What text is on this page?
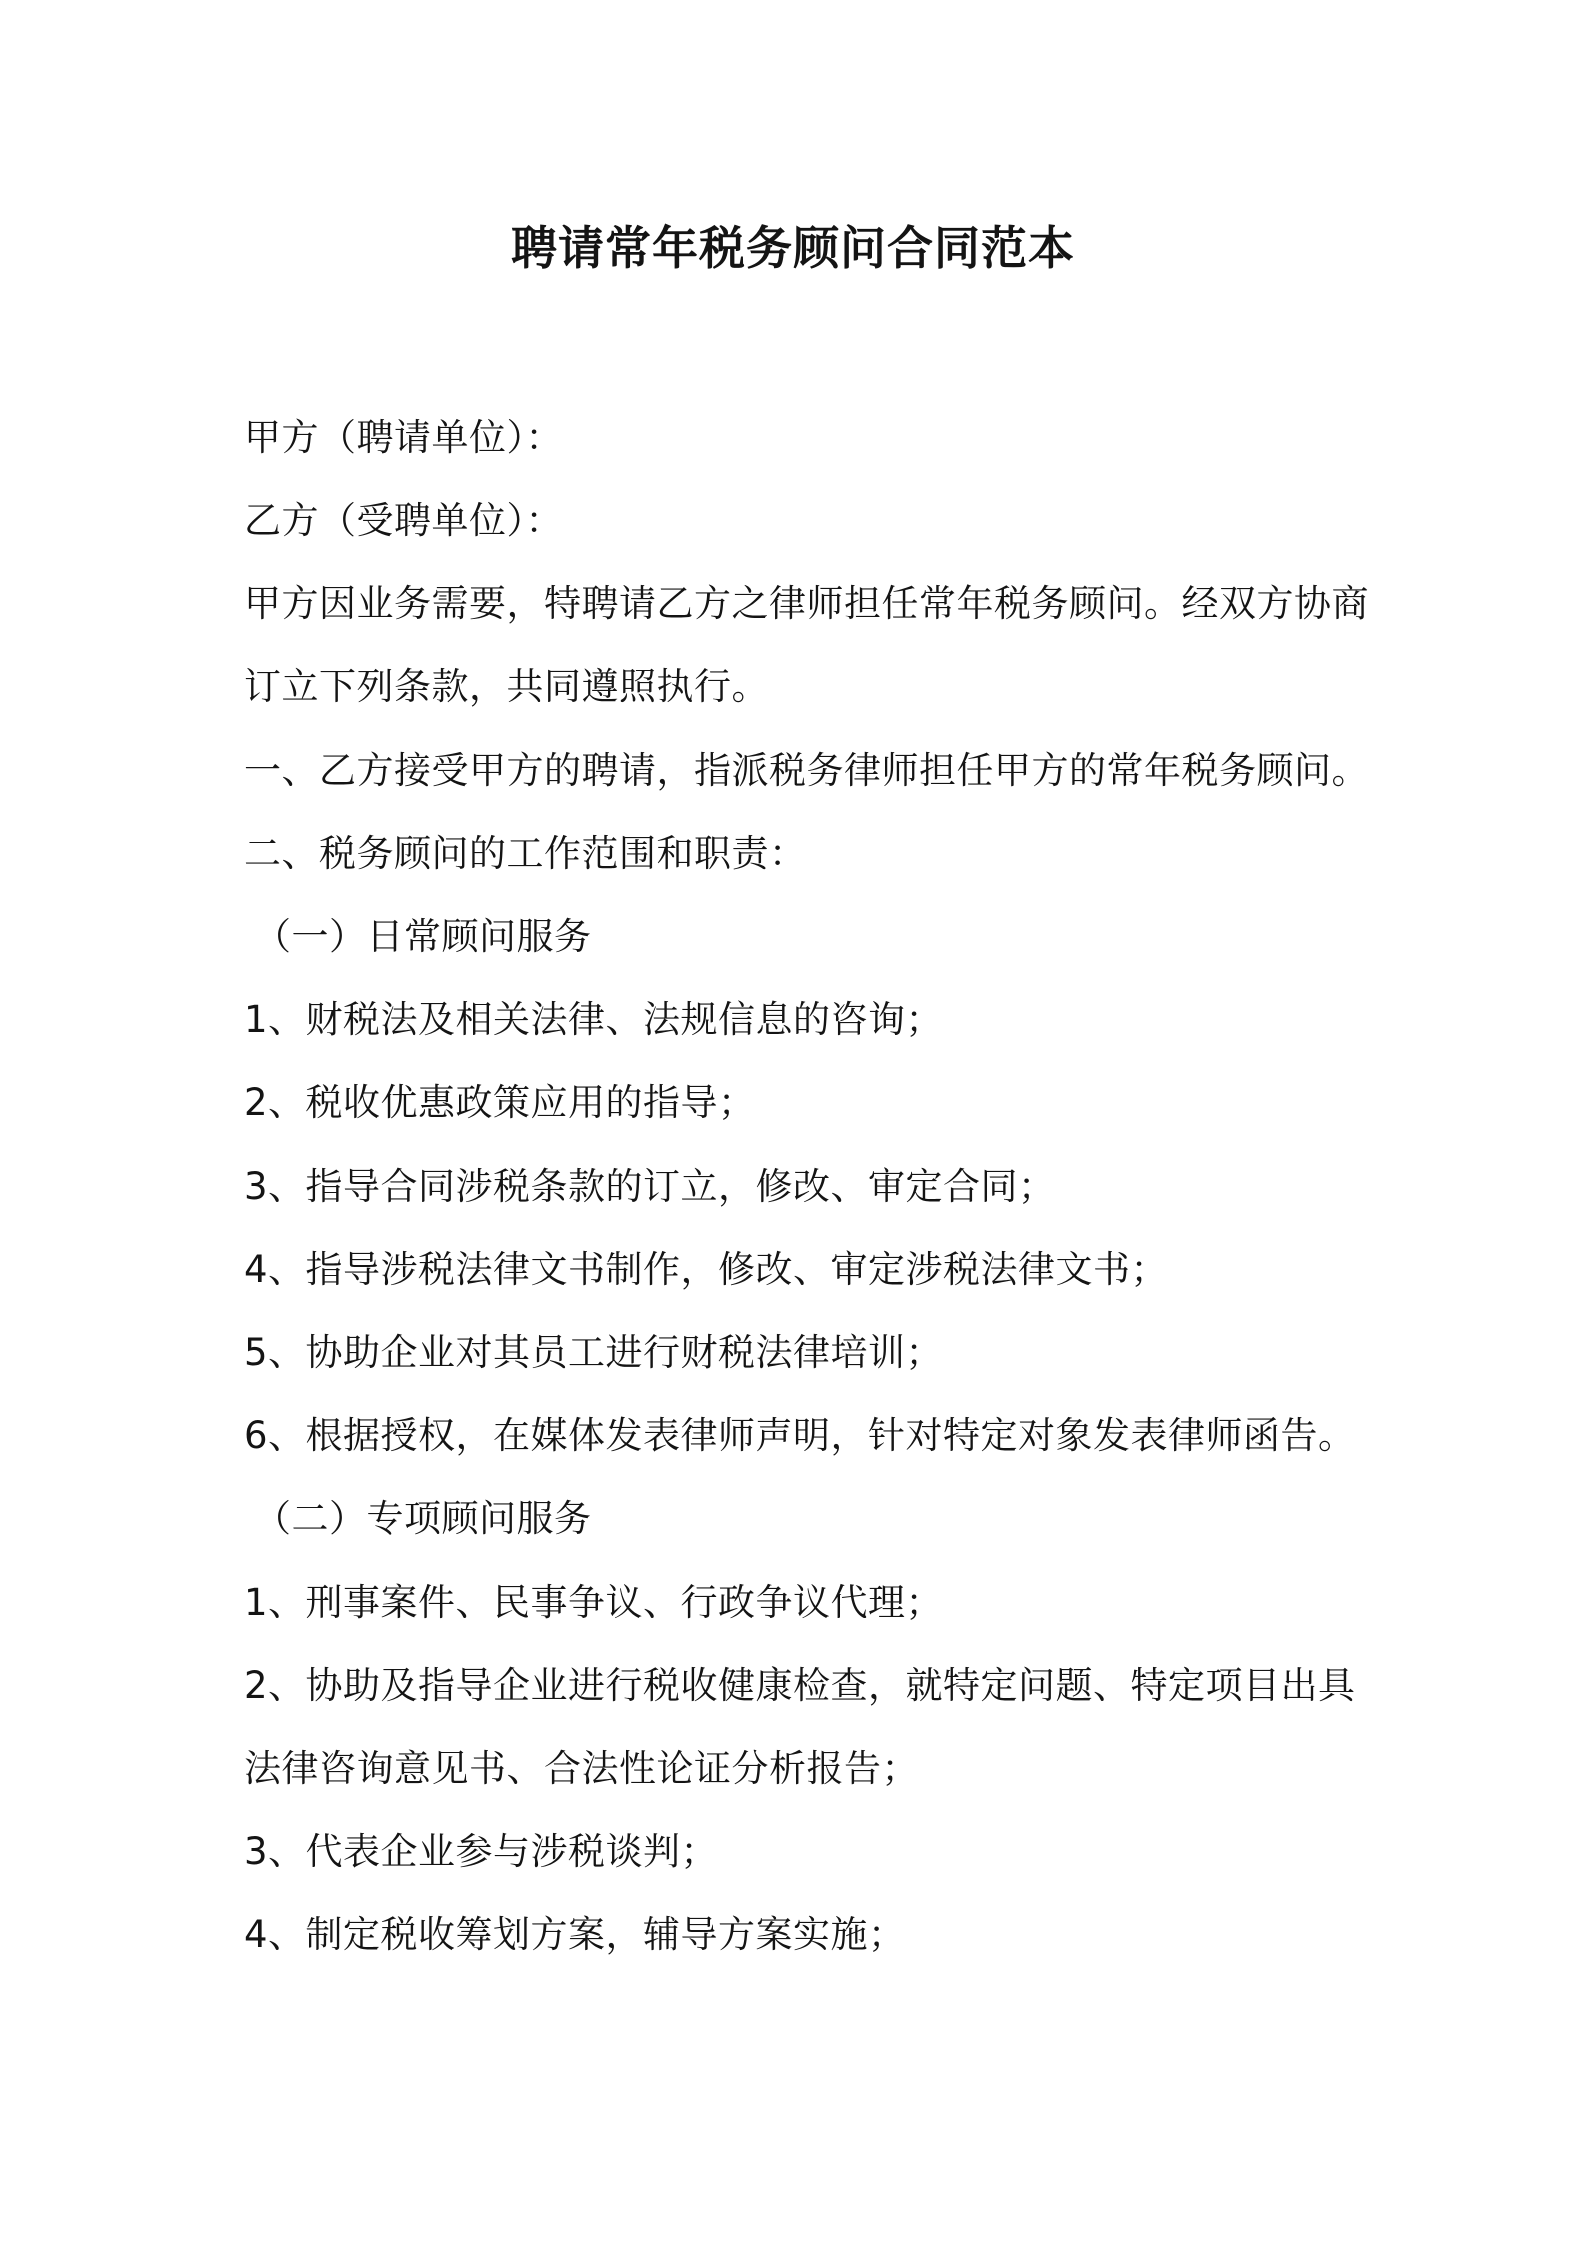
聘请常年税务顾问合同范本
甲方（聘请单位）：
乙方（受聘单位）：
甲方因业务需要，特聘请乙方之律师担任常年税务顾问。经双方协商
订立下列条款，共同遵照执行。
一、乙方接受甲方的聘请，指派税务律师担任甲方的常年税务顾问。
二、税务顾问的工作范围和职责：
（一）日常顾问服务
1、财税法及相关法律、法规信息的咨询；
2、税收优惠政策应用的指导；
3、指导合同涉税条款的订立，修改、审定合同；
4、指导涉税法律文书制作，修改、审定涉税法律文书；
5、协助企业对其员工进行财税法律培训；
6、根据授权，在媒体发表律师声明，针对特定对象发表律师函告。
（二）专项顾问服务
1、刑事案件、民事争议、行政争议代理；
2、协助及指导企业进行税收健康检查，就特定问题、特定项目出具
法律咨询意见书、合法性论证分析报告；
3、代表企业参与涉税谈判；
4、制定税收筹划方案，辅导方案实施；
